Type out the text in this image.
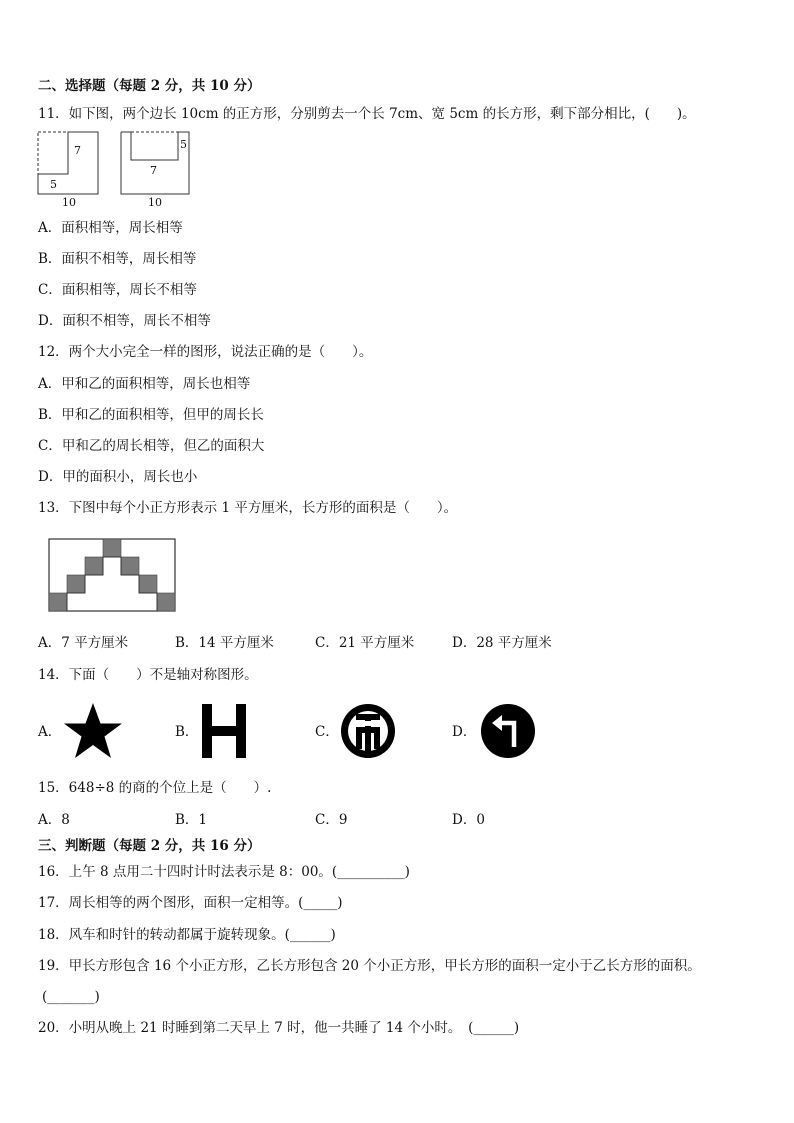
二、选择题（每题 2 分，共 10 分）
11．如下图，两个边长 10cm 的正方形，分别剪去一个长 7cm、宽 5cm 的长方形，剩下部分相比，(　　)。
7
5
10
5
7
10
A．面积相等，周长相等
B．面积不相等，周长相等
C．面积相等，周长不相等
D．面积不相等，周长不相等
12．两个大小完全一样的图形，说法正确的是（　　）。
A．甲和乙的面积相等，周长也相等
B．甲和乙的面积相等，但甲的周长长
C．甲和乙的周长相等，但乙的面积大
D．甲的面积小，周长也小
13．下图中每个小正方形表示 1 平方厘米，长方形的面积是（　　）。
A．7 平方厘米	B．14 平方厘米	C．21 平方厘米	D．28 平方厘米
14．下面（　　）不是轴对称图形。
A．	B．	C．	D．
15．648÷8 的商的个位上是（　　）.
A．8	B．1	C．9	D．0
三、判断题（每题 2 分，共 16 分）
16．上午 8 点用二十四时计时法表示是 8：00。(__________)
17．周长相等的两个图形，面积一定相等。(_____)
18．风车和时针的转动都属于旋转现象。(______)
19．甲长方形包含 16 个小正方形，乙长方形包含 20 个小正方形，甲长方形的面积一定小于乙长方形的面积。
(_______)
20．小明从晚上 21 时睡到第二天早上 7 时，他一共睡了 14 个小时。　(______)
